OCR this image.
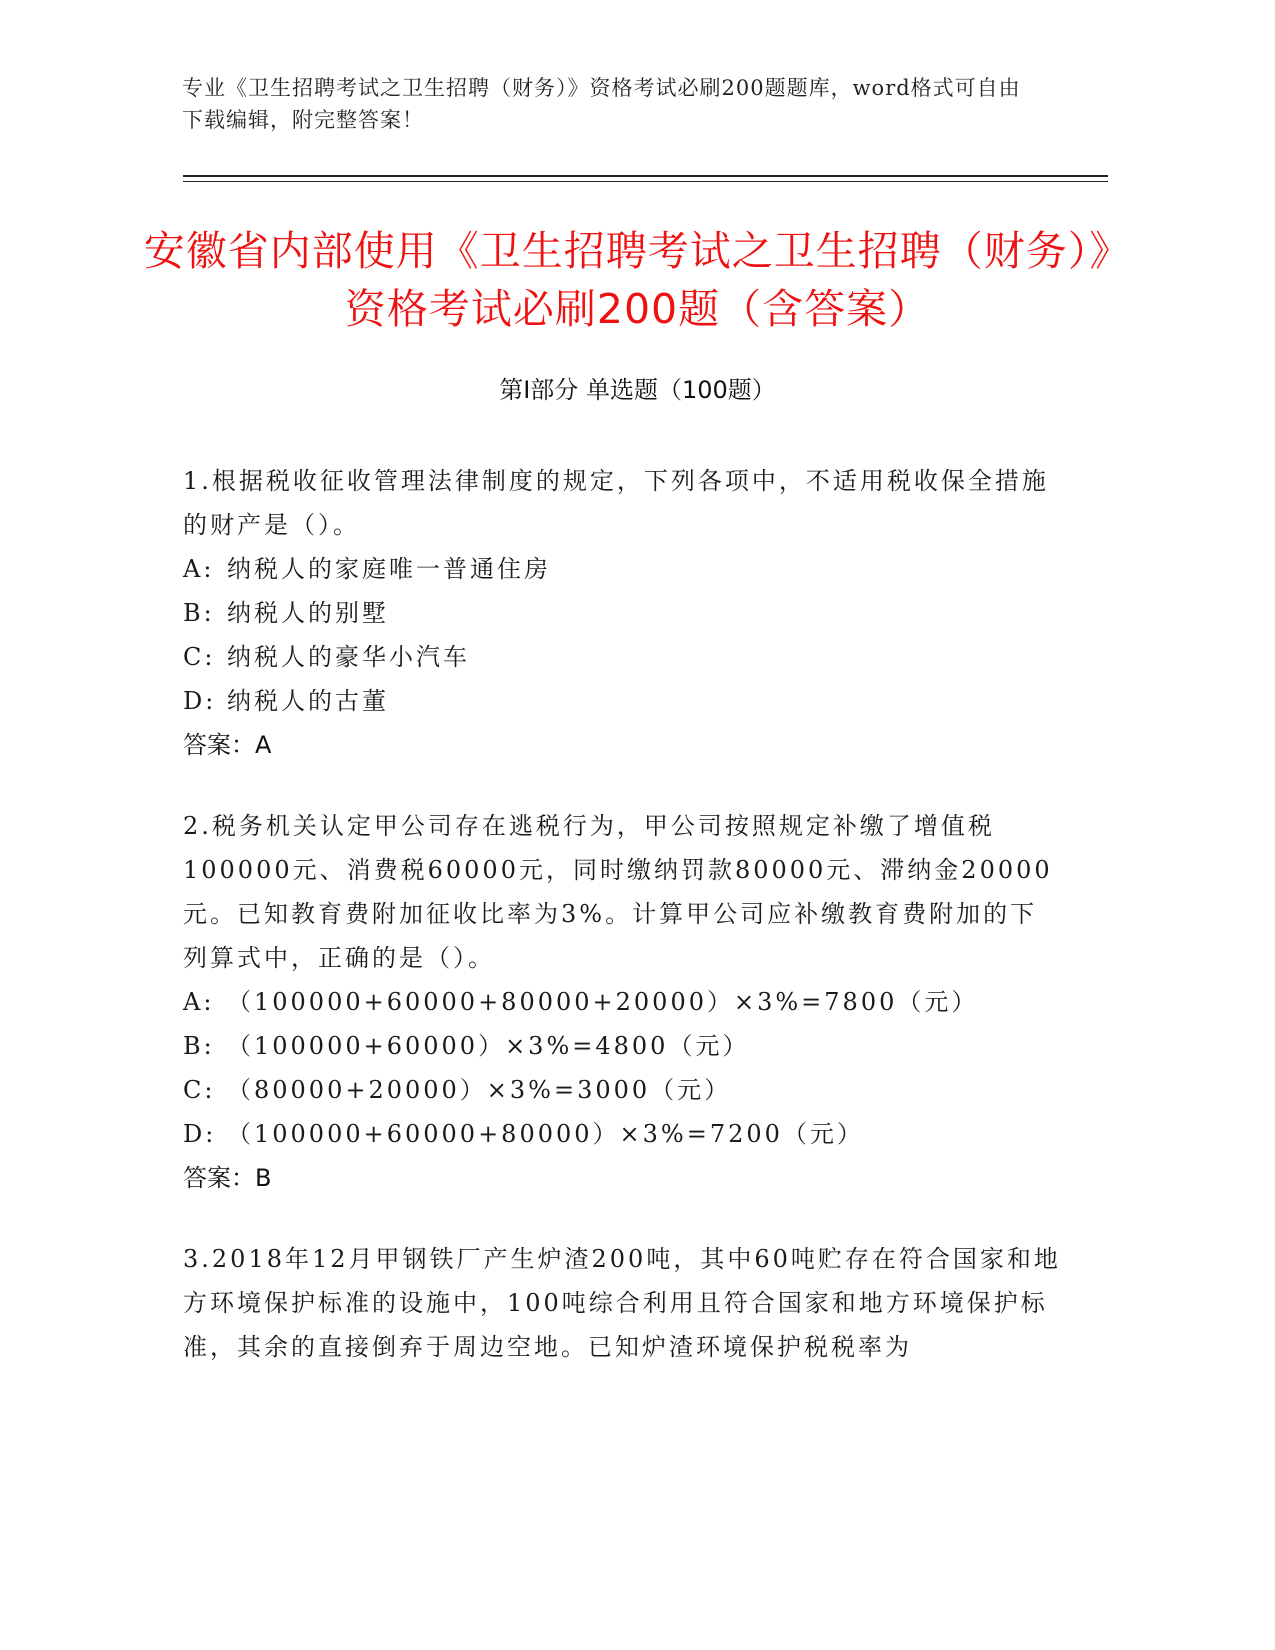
专业《卫生招聘考试之卫生招聘（财务）》资格考试必刷200题题库，word格式可自由下载编辑，附完整答案！
安徽省内部使用《卫生招聘考试之卫生招聘（财务）》资格考试必刷200题（含答案）
第I部分 单选题（100题）
1.根据税收征收管理法律制度的规定，下列各项中，不适用税收保全措施的财产是（）。
A: 纳税人的家庭唯一普通住房
B: 纳税人的别墅
C: 纳税人的豪华小汽车
D: 纳税人的古董
答案：A
2.税务机关认定甲公司存在逃税行为，甲公司按照规定补缴了增值税100000元、消费税60000元，同时缴纳罚款80000元、滞纳金20000元。已知教育费附加征收比率为3%。计算甲公司应补缴教育费附加的下列算式中，正确的是（）。
A: （100000+60000+80000+20000）×3%=7800（元）
B: （100000+60000）×3%=4800（元）
C: （80000+20000）×3%=3000（元）
D: （100000+60000+80000）×3%=7200（元）
答案：B
3.2018年12月甲钢铁厂产生炉渣200吨，其中60吨贮存在符合国家和地方环境保护标准的设施中，100吨综合利用且符合国家和地方环境保护标准，其余的直接倒弃于周边空地。已知炉渣环境保护税税率为
